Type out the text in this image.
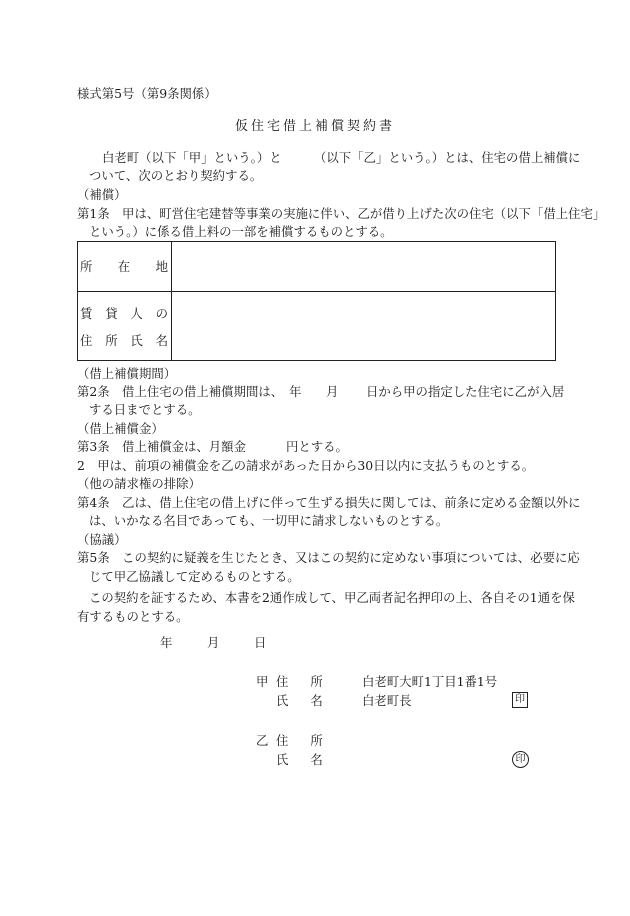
様式第5号（第9条関係）
仮住宅借上補償契約書
白老町（以下「甲」という。）と	（以下「乙」という。）とは、住宅の借上補償に
ついて、次のとおり契約する。
（補償）
第1条　甲は、町営住宅建替等事業の実施に伴い、乙が借り上げた次の住宅（以下「借上住宅」
という。）に係る借上料の一部を補償するものとする。
所 在 地
賃 貸 人 の
住 所 氏 名
（借上補償期間）
第2条　借上住宅の借上補償期間は、 年 月 日から甲の指定した住宅に乙が入居
する日までとする。
（借上補償金）
第3条　借上補償金は、月額金	円とする。
2　甲は、前項の補償金を乙の請求があった日から30日以内に支払うものとする。
（他の請求権の排除）
第4条　乙は、借上住宅の借上げに伴って生ずる損失に関しては、前条に定める金額以外に
は、いかなる名目であっても、一切甲に請求しないものとする。
（協議）
第5条　この契約に疑義を生じたとき、又はこの契約に定めない事項については、必要に応
じて甲乙協議して定めるものとする。
この契約を証するため、本書を2通作成して、甲乙両者記名押印の上、各自その1通を保
有するものとする。
年	月	日
甲 住 所	白老町大町1丁目1番1号
氏 名	白老町長	印
乙 住 所
氏 名	印
